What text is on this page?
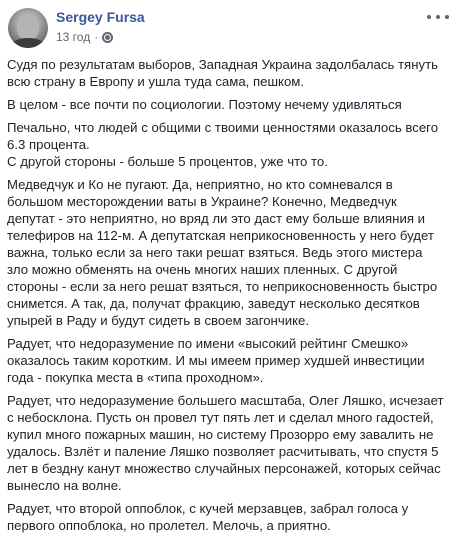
Sergey Fursa
13 год ·

Судя по результатам выборов, Западная Украина задолбалась тянуть всю страну в Европу и ушла туда сама, пешком.

В целом - все почти по социологии. Поэтому нечему удивляться

Печально, что людей с общими с твоими ценностями оказалось всего 6.3 процента.

С другой стороны - больше 5 процентов, уже что то.

Медведчук и Ко не пугают. Да, неприятно, но кто сомневался в большом месторождении ваты в Украине? Конечно, Медведчук депутат - это неприятно, но вряд ли это даст ему больше влияния и телефиров на 112-м. А депутатская неприкосновенность у него будет важна, только если за него таки решат взяться. Ведь этого мистера зло можно обменять на очень многих наших пленных. С другой стороны - если за него решат взяться, то неприкосновенность быстро снимется. А так, да, получат фракцию, заведут несколько десятков упырей в Раду и будут сидеть в своем загончике.

Радует, что недоразумение по имени «высокий рейтинг Смешко» оказалось таким коротким. И мы имеем пример худшей инвестиции года - покупка места в «типа проходном».

Радует, что недоразумение большего масштаба, Олег Ляшко, исчезает с небосклона. Пусть он провел тут пять лет и сделал много гадостей, купил много пожарных машин, но систему Прозорро ему завалить не удалось. Взлёт и паление Ляшко позволяет расчитывать, что спустя 5 лет в бездну канут множество случайных персонажей, которых сейчас вынесло на волне.

Радует, что второй оппоблок, с кучей мерзавцев, забрал голоса у первого оппоблока, но пролетел. Мелочь, а приятно.
